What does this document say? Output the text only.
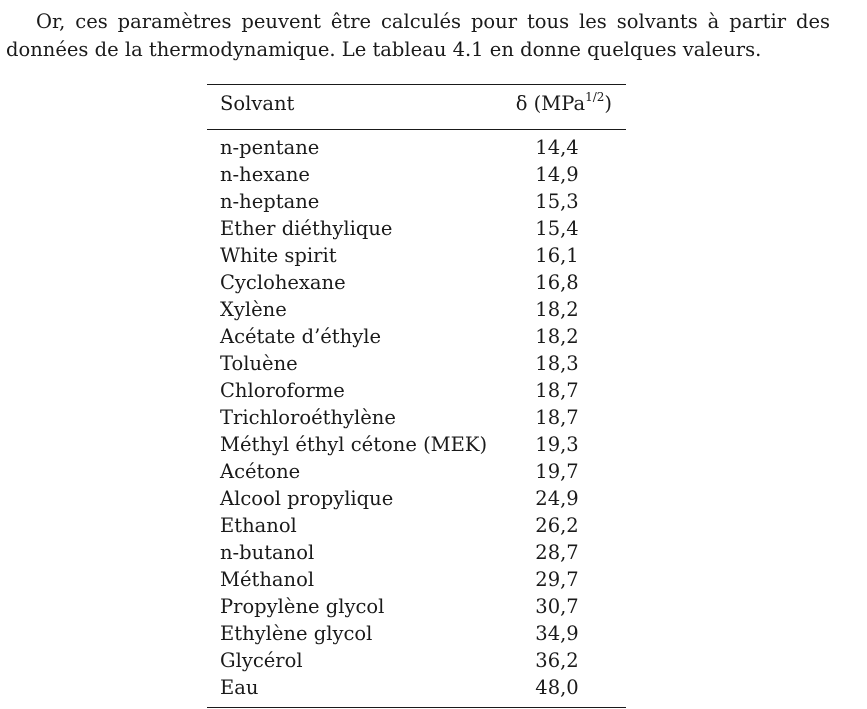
Or, ces paramètres peuvent être calculés pour tous les solvants à partir des données de la thermodynamique. Le tableau 4.1 en donne quelques valeurs.

Solvant	δ (MPa$^{1/2}$)
n-pentane	14,4
n-hexane	14,9
n-heptane	15,3
Ether diéthylique	15,4
White spirit	16,1
Cyclohexane	16,8
Xylène	18,2
Acétate d’éthyle	18,2
Toluène	18,3
Chloroforme	18,7
Trichloroéthylène	18,7
Méthyl éthyl cétone (MEK)	19,3
Acétone	19,7
Alcool propylique	24,9
Ethanol	26,2
n-butanol	28,7
Méthanol	29,7
Propylène glycol	30,7
Ethylène glycol	34,9
Glycérol	36,2
Eau	48,0
